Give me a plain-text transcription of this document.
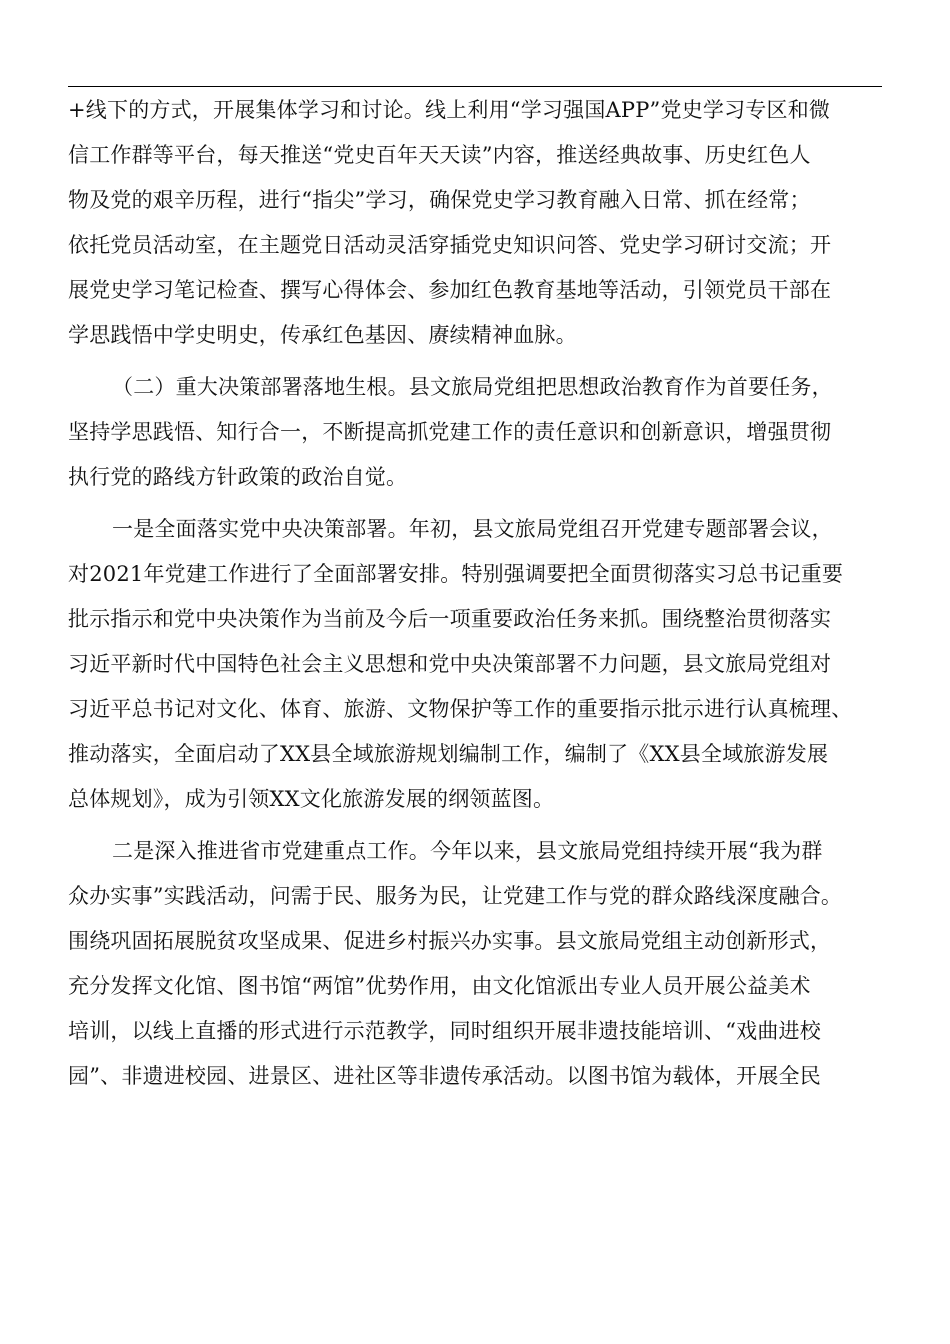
+线下的方式，开展集体学习和讨论。线上利用“学习强国APP”党史学习专区和微
信工作群等平台，每天推送“党史百年天天读”内容，推送经典故事、历史红色人
物及党的艰辛历程，进行“指尖”学习，确保党史学习教育融入日常、抓在经常；
依托党员活动室，在主题党日活动灵活穿插党史知识问答、党史学习研讨交流；开
展党史学习笔记检查、撰写心得体会、参加红色教育基地等活动，引领党员干部在
学思践悟中学史明史，传承红色基因、赓续精神血脉。
（二）重大决策部署落地生根。县文旅局党组把思想政治教育作为首要任务，
坚持学思践悟、知行合一，不断提高抓党建工作的责任意识和创新意识，增强贯彻
执行党的路线方针政策的政治自觉。
一是全面落实党中央决策部署。年初，县文旅局党组召开党建专题部署会议，
对2021年党建工作进行了全面部署安排。特别强调要把全面贯彻落实习总书记重要
批示指示和党中央决策作为当前及今后一项重要政治任务来抓。围绕整治贯彻落实
习近平新时代中国特色社会主义思想和党中央决策部署不力问题，县文旅局党组对
习近平总书记对文化、体育、旅游、文物保护等工作的重要指示批示进行认真梳理、
推动落实，全面启动了XX县全域旅游规划编制工作，编制了《XX县全域旅游发展
总体规划》，成为引领XX文化旅游发展的纲领蓝图。
二是深入推进省市党建重点工作。今年以来，县文旅局党组持续开展“我为群
众办实事”实践活动，问需于民、服务为民，让党建工作与党的群众路线深度融合。
围绕巩固拓展脱贫攻坚成果、促进乡村振兴办实事。县文旅局党组主动创新形式，
充分发挥文化馆、图书馆“两馆”优势作用，由文化馆派出专业人员开展公益美术
培训，以线上直播的形式进行示范教学，同时组织开展非遗技能培训、“戏曲进校
园”、非遗进校园、进景区、进社区等非遗传承活动。以图书馆为载体，开展全民
